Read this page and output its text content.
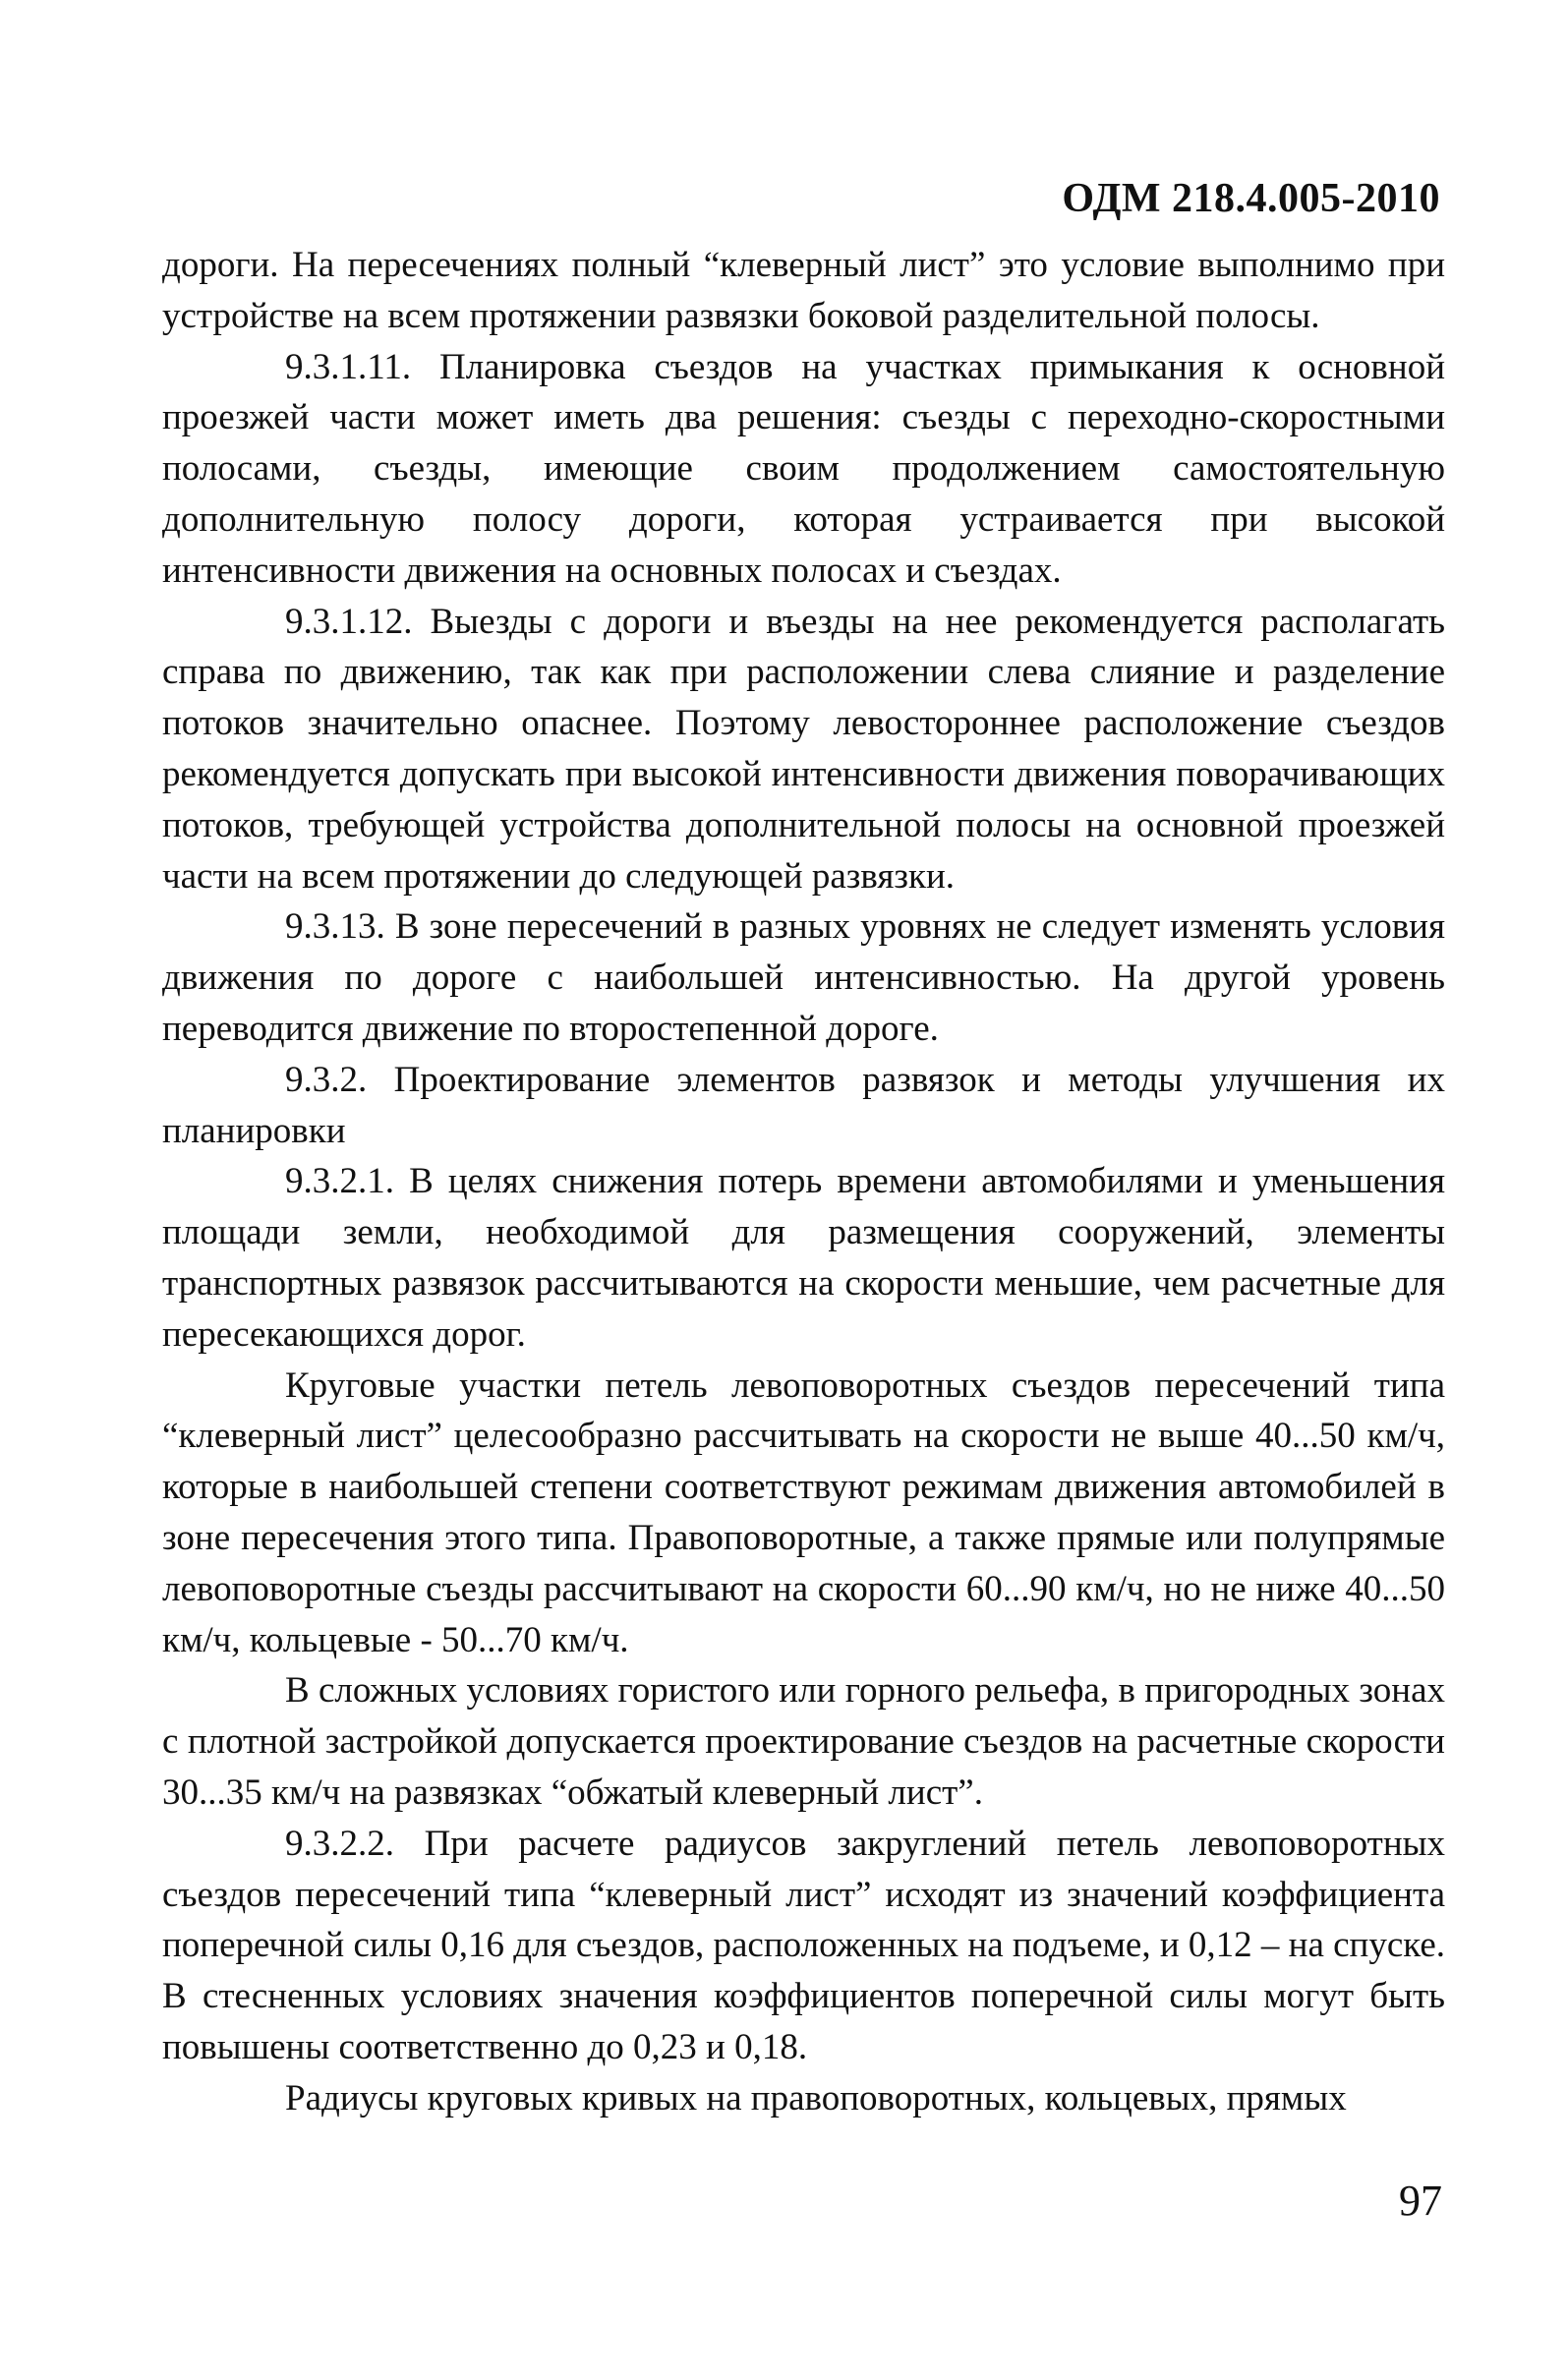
ОДМ 218.4.005-2010

дороги. На пересечениях полный “клеверный лист” это условие выполнимо при устройстве на всем протяжении развязки боковой разделительной полосы.

9.3.1.11. Планировка съездов на участках примыкания к основной проезжей части может иметь два решения: съезды с переходно-скоростными полосами, съезды, имеющие своим продолжением самостоятельную дополнительную полосу дороги, которая устраивается при высокой интенсивности движения на основных полосах и съездах.

9.3.1.12. Выезды с дороги и въезды на нее рекомендуется располагать справа по движению, так как при расположении слева слияние и разделение потоков значительно опаснее. Поэтому левостороннее расположение съездов рекомендуется допускать при высокой интенсивности движения поворачивающих потоков, требующей устройства дополнительной полосы на основной проезжей части на всем протяжении до следующей развязки.

9.3.13. В зоне пересечений в разных уровнях не следует изменять условия движения по дороге с наибольшей интенсивностью. На другой уровень переводится движение по второстепенной дороге.

9.3.2. Проектирование элементов развязок и методы улучшения их планировки

9.3.2.1. В целях снижения потерь времени автомобилями и уменьшения площади земли, необходимой для размещения сооружений, элементы транспортных развязок рассчитываются на скорости меньшие, чем расчетные для пересекающихся дорог.

Круговые участки петель левоповоротных съездов пересечений типа “клеверный лист” целесообразно рассчитывать на скорости не выше 40...50 км/ч, которые в наибольшей степени соответствуют режимам движения автомобилей в зоне пересечения этого типа. Правоповоротные, а также прямые или полупрямые левоповоротные съезды рассчитывают на скорости 60...90 км/ч, но не ниже 40...50 км/ч, кольцевые - 50...70 км/ч.

В сложных условиях гористого или горного рельефа, в пригородных зонах с плотной застройкой допускается проектирование съездов на расчетные скорости 30...35 км/ч на развязках “обжатый клеверный лист”.

9.3.2.2. При расчете радиусов закруглений петель левоповоротных съездов пересечений типа “клеверный лист” исходят из значений коэффициента поперечной силы 0,16 для съездов, расположенных на подъеме, и 0,12 – на спуске. В стесненных условиях значения коэффициентов поперечной силы могут быть повышены соответственно до 0,23 и 0,18.

Радиусы круговых кривых на правоповоротных, кольцевых, прямых

97
